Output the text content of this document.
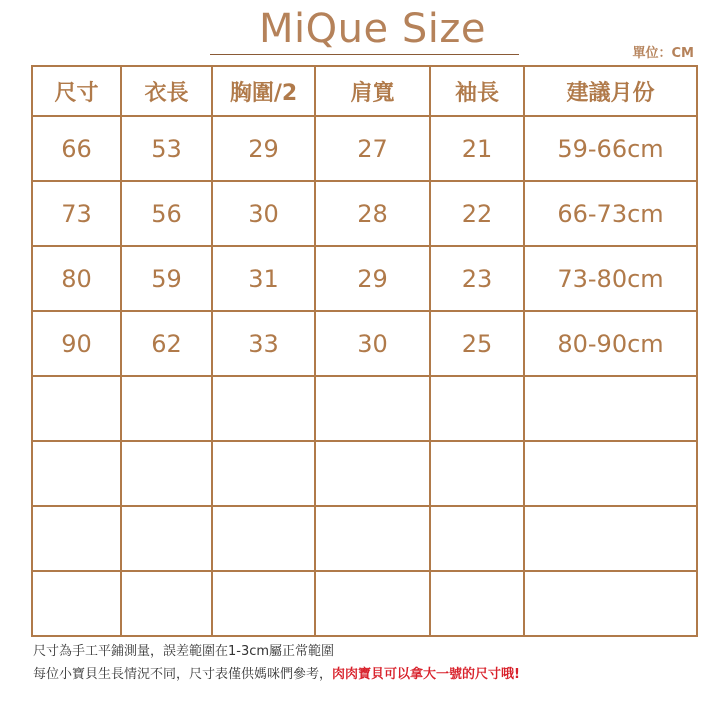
MiQue Size
單位：CM
尺寸	衣長	胸圍/2	肩寬	袖長	建議月份
66	53	29	27	21	59-66cm
73	56	30	28	22	66-73cm
80	59	31	29	23	73-80cm
90	62	33	30	25	80-90cm

尺寸為手工平鋪測量，誤差範圍在1-3cm屬正常範圍
每位小寶貝生長情況不同，尺寸表僅供媽咪們參考，肉肉寶貝可以拿大一號的尺寸哦!
